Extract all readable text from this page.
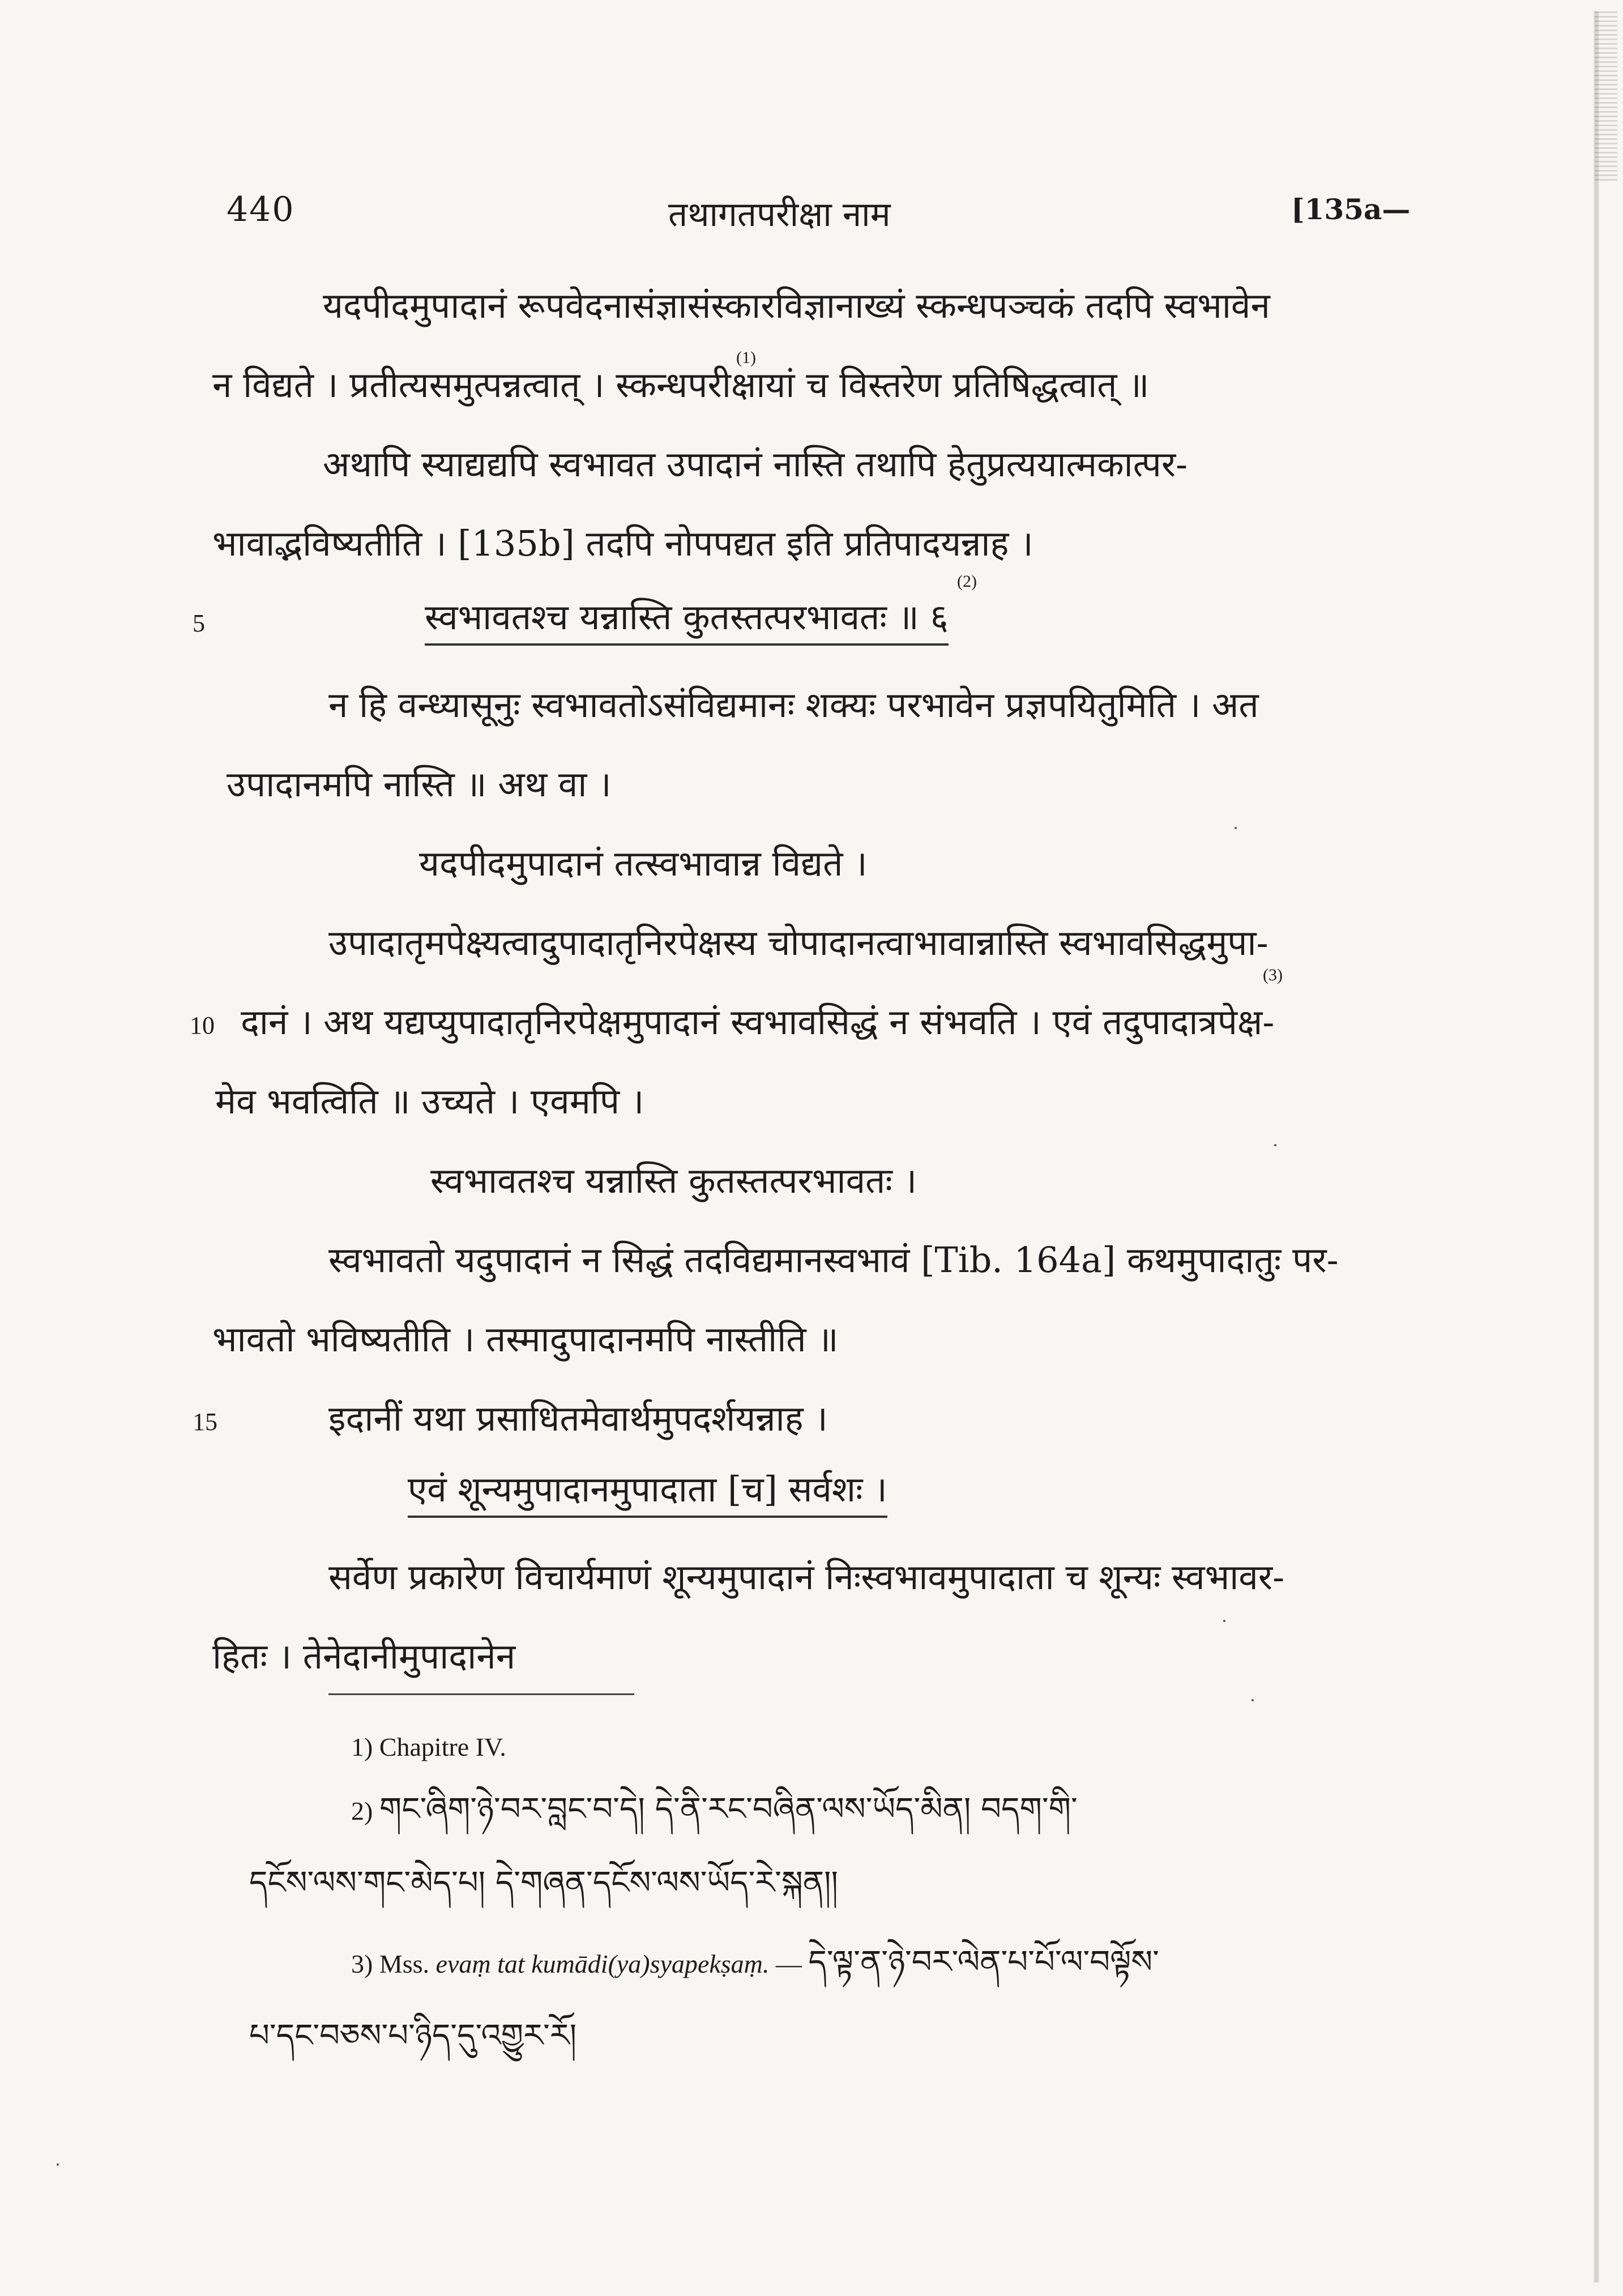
440	तथागतपरीक्षा नाम	[135a—
यदपीदमुपादानं रूपवेदनासंज्ञासंस्कारविज्ञानाख्यं स्कन्धपञ्चकं तदपि स्वभावेन
न विद्यते । प्रतीत्यसमुत्पन्नत्वात् । स्कन्धपरीक्षायां च विस्तरेण प्रतिषिद्धत्वात् ॥
(1)
अथापि स्याद्यद्यपि स्वभावत उपादानं नास्ति तथापि हेतुप्रत्ययात्मकात्पर-
भावाद्भविष्यतीति । [135b] तदपि नोपपद्यत इति प्रतिपादयन्नाह ।
5
(2)
स्वभावतश्च यन्नास्ति कुतस्तत्परभावतः ॥ ६
न हि वन्ध्यासूनुः स्वभावतोऽसंविद्यमानः शक्यः परभावेन प्रज्ञपयितुमिति । अत
उपादानमपि नास्ति ॥ अथ वा ।
यदपीदमुपादानं तत्स्वभावान्न विद्यते ।
उपादातृमपेक्ष्यत्वादुपादातृनिरपेक्षस्य चोपादानत्वाभावान्नास्ति स्वभावसिद्धमुपा-
10
(3)
दानं । अथ यद्यप्युपादातृनिरपेक्षमुपादानं स्वभावसिद्धं न संभवति । एवं तदुपादात्रपेक्ष-
मेव भवत्विति ॥ उच्यते । एवमपि ।
स्वभावतश्च यन्नास्ति कुतस्तत्परभावतः ।
स्वभावतो यदुपादानं न सिद्धं तदविद्यमानस्वभावं [Tib. 164a] कथमुपादातुः पर-
भावतो भविष्यतीति । तस्मादुपादानमपि नास्तीति ॥
15	इदानीं यथा प्रसाधितमेवार्थमुपदर्शयन्नाह ।
एवं शून्यमुपादानमुपादाता [च] सर्वशः ।
सर्वेण प्रकारेण विचार्यमाणं शून्यमुपादानं निःस्वभावमुपादाता च शून्यः स्वभावर-
हितः । तेनेदानीमुपादानेन
1) Chapitre IV.
2) གང་ཞིག་ཉེ་བར་བླང་བ་དེ། དེ་ནི་རང་བཞིན་ལས་ཡོད་མིན། བདག་གི་
དངོས་ལས་གང་མེད་པ། དེ་གཞན་དངོས་ལས་ཡོད་རེ་སྐན།།
3) Mss. evaṃ tat kumādi(ya)syapekṣaṃ. — དེ་ལྟ་ན་ཉེ་བར་ལེན་པ་པོ་ལ་བལྟོས་
པ་དང་བཅས་པ་ཉིད་དུ་འགྱུར་རོ།
